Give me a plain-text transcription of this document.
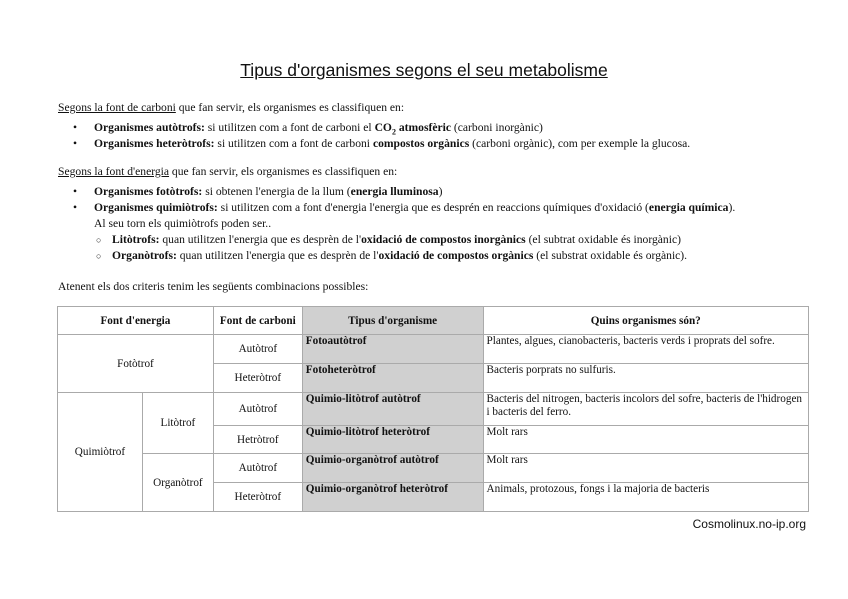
Tipus d'organismes segons el seu metabolisme
Segons la font de carboni que fan servir, els organismes es classifiquen en:
• Organismes autòtrofs: si utilitzen com a font de carboni el $CO_2$ atmosfèric (carboni inorgànic)
• Organismes heteròtrofs: si utilitzen com a font de carboni compostos orgànics (carboni orgànic), com per exemple la glucosa.
Segons la font d'energia que fan servir, els organismes es classifiquen en:
• Organismes fotòtrofs: si obtenen l'energia de la llum (energia lluminosa)
• Organismes quimiòtrofs: si utilitzen com a font d'energia l'energia que es desprén en reaccions químiques d'oxidació (energia química).
Al seu torn els quimiòtrofs poden ser..
○ Litòtrofs: quan utilitzen l'energia que es desprèn de l'oxidació de compostos inorgànics (el subtrat oxidable és inorgànic)
○ Organòtrofs: quan utilitzen l'energia que es desprèn de l'oxidació de compostos orgànics (el substrat oxidable és orgànic).
Atenent els dos criteris tenim les següents combinacions possibles:
Font d'energia		Font de carboni	Tipus d'organisme	Quins organismes són?
Fotòtrof		Autòtrof	Fotoautòtrof	Plantes, algues, cianobacteris, bacteris verds i proprats del sofre.
		Heteròtrof	Fotoheteròtrof	Bacteris porprats no sulfuris.
Quimiòtrof	Litòtrof	Autòtrof	Quimio-litòtrof autòtrof	Bacteris del nitrogen, bacteris incolors del sofre, bacteris de l'hidrogen i bacteris del ferro.
		Hetròtrof	Quimio-litòtrof heteròtrof	Molt rars
	Organòtrof	Autòtrof	Quimio-organòtrof autòtrof	Molt rars
		Heteròtrof	Quimio-organòtrof heteròtrof	Animals, protozous, fongs i la majoria de bacteris
Cosmolinux.no-ip.org
